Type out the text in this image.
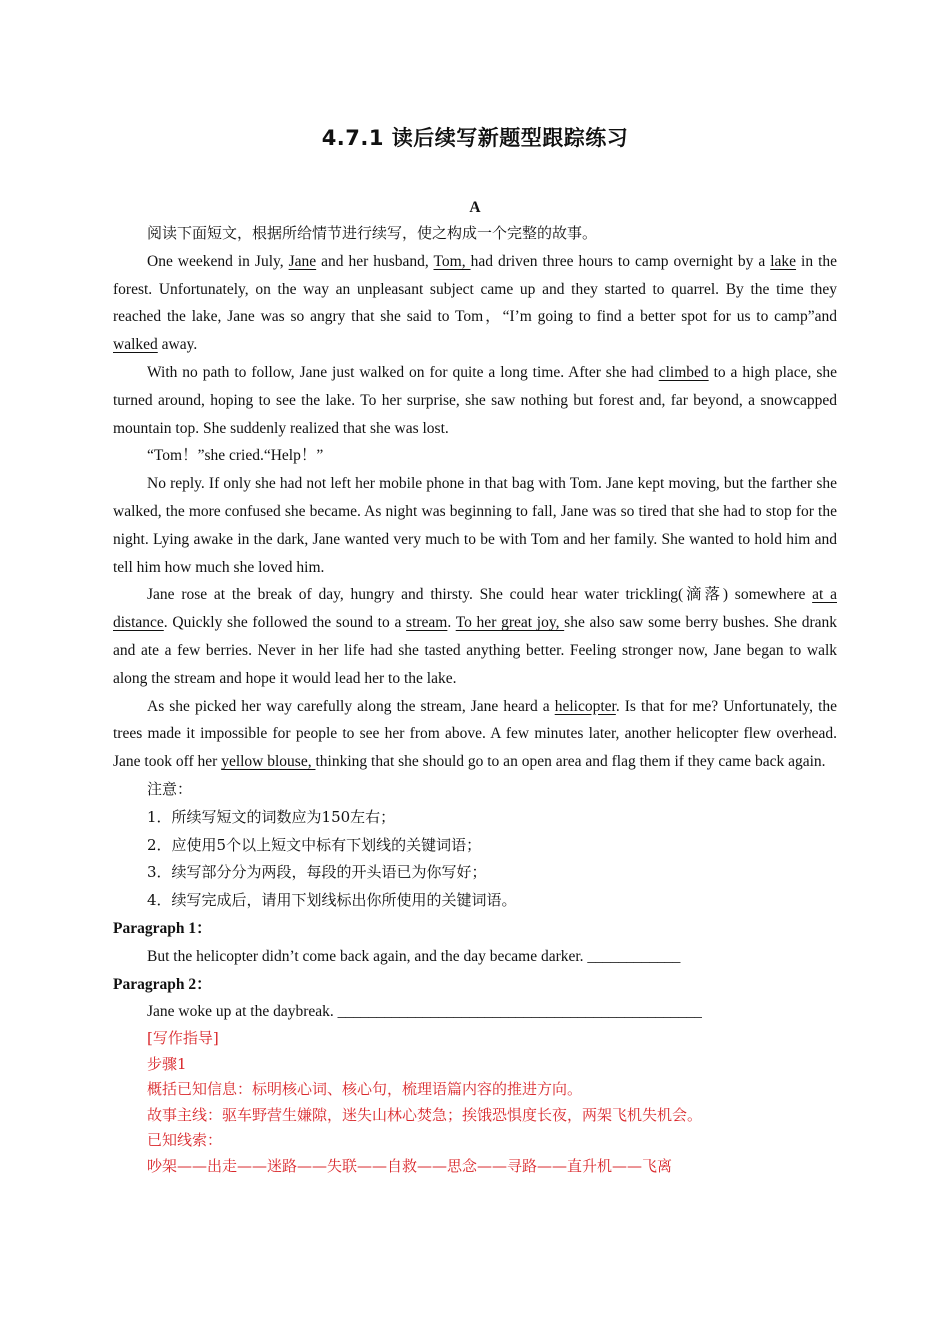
4.7.1 读后续写新题型跟踪练习

A

阅读下面短文，根据所给情节进行续写，使之构成一个完整的故事。

One weekend in July, Jane and her husband, Tom, had driven three hours to camp overnight by a lake in the forest. Unfortunately, on the way an unpleasant subject came up and they started to quarrel. By the time they reached the lake, Jane was so angry that she said to Tom，“I’m going to find a better spot for us to camp”and walked away.

With no path to follow, Jane just walked on for quite a long time. After she had climbed to a high place, she turned around, hoping to see the lake. To her surprise, she saw nothing but forest and, far beyond, a snowcapped mountain top. She suddenly realized that she was lost.

“Tom！”she cried.“Help！”

No reply. If only she had not left her mobile phone in that bag with Tom. Jane kept moving, but the farther she walked, the more confused she became. As night was beginning to fall, Jane was so tired that she had to stop for the night. Lying awake in the dark, Jane wanted very much to be with Tom and her family. She wanted to hold him and tell him how much she loved him.

Jane rose at the break of day, hungry and thirsty. She could hear water trickling(滴落) somewhere at a distance. Quickly she followed the sound to a stream. To her great joy, she also saw some berry bushes. She drank and ate a few berries. Never in her life had she tasted anything better. Feeling stronger now, Jane began to walk along the stream and hope it would lead her to the lake.

As she picked her way carefully along the stream, Jane heard a helicopter. Is that for me? Unfortunately, the trees made it impossible for people to see her from above. A few minutes later, another helicopter flew overhead. Jane took off her yellow blouse, thinking that she should go to an open area and flag them if they came back again.

注意：

1．所续写短文的词数应为150左右；

2．应使用5个以上短文中标有下划线的关键词语；

3．续写部分分为两段，每段的开头语已为你写好；

4．续写完成后，请用下划线标出你所使用的关键词语。

Paragraph 1：

But the helicopter didn’t come back again, and the day became darker. ____________

Paragraph 2：

Jane woke up at the daybreak. _______________________________________________

[写作指导]

步骤1

概括已知信息：标明核心词、核心句，梳理语篇内容的推进方向。

故事主线：驱车野营生嫌隙，迷失山林心焚急；挨饿恐惧度长夜，两架飞机失机会。

已知线索：

吵架——出走——迷路——失联——自救——思念——寻路——直升机——飞离
